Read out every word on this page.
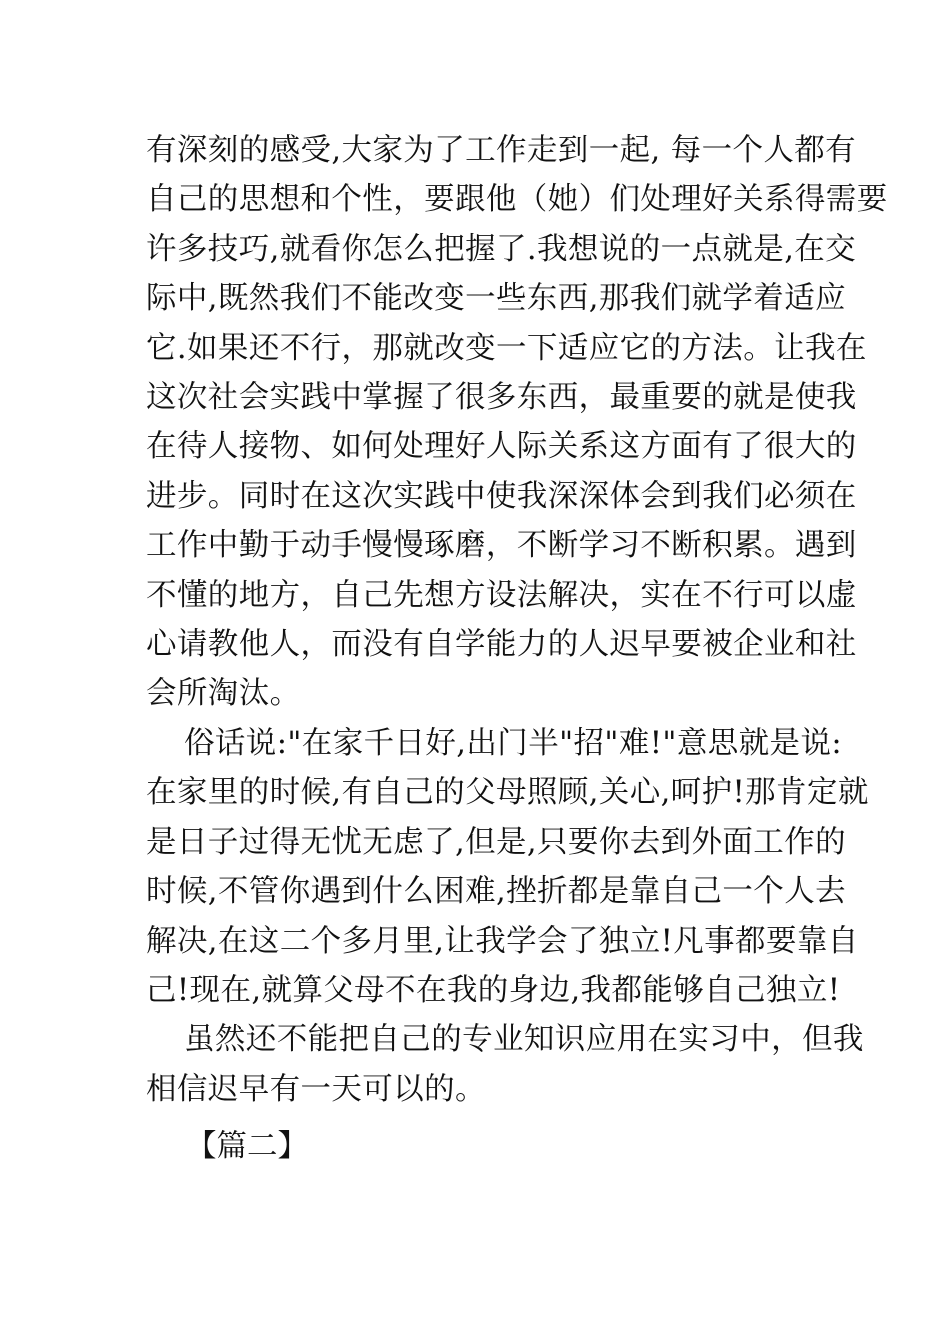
有深刻的感受,大家为了工作走到一起, 每一个人都有
自己的思想和个性，要跟他（她）们处理好关系得需要
许多技巧,就看你怎么把握了.我想说的一点就是,在交
际中,既然我们不能改变一些东西,那我们就学着适应
它.如果还不行，那就改变一下适应它的方法。让我在
这次社会实践中掌握了很多东西，最重要的就是使我
在待人接物、如何处理好人际关系这方面有了很大的
进步。同时在这次实践中使我深深体会到我们必须在
工作中勤于动手慢慢琢磨，不断学习不断积累。遇到
不懂的地方，自己先想方设法解决，实在不行可以虚
心请教他人，而没有自学能力的人迟早要被企业和社
会所淘汰。
俗话说:"在家千日好,出门半"招"难!"意思就是说:
在家里的时候,有自己的父母照顾,关心,呵护!那肯定就
是日子过得无忧无虑了,但是,只要你去到外面工作的
时候,不管你遇到什么困难,挫折都是靠自己一个人去
解决,在这二个多月里,让我学会了独立!凡事都要靠自
己!现在,就算父母不在我的身边,我都能够自己独立!
虽然还不能把自己的专业知识应用在实习中，但我
相信迟早有一天可以的。
【篇二】
